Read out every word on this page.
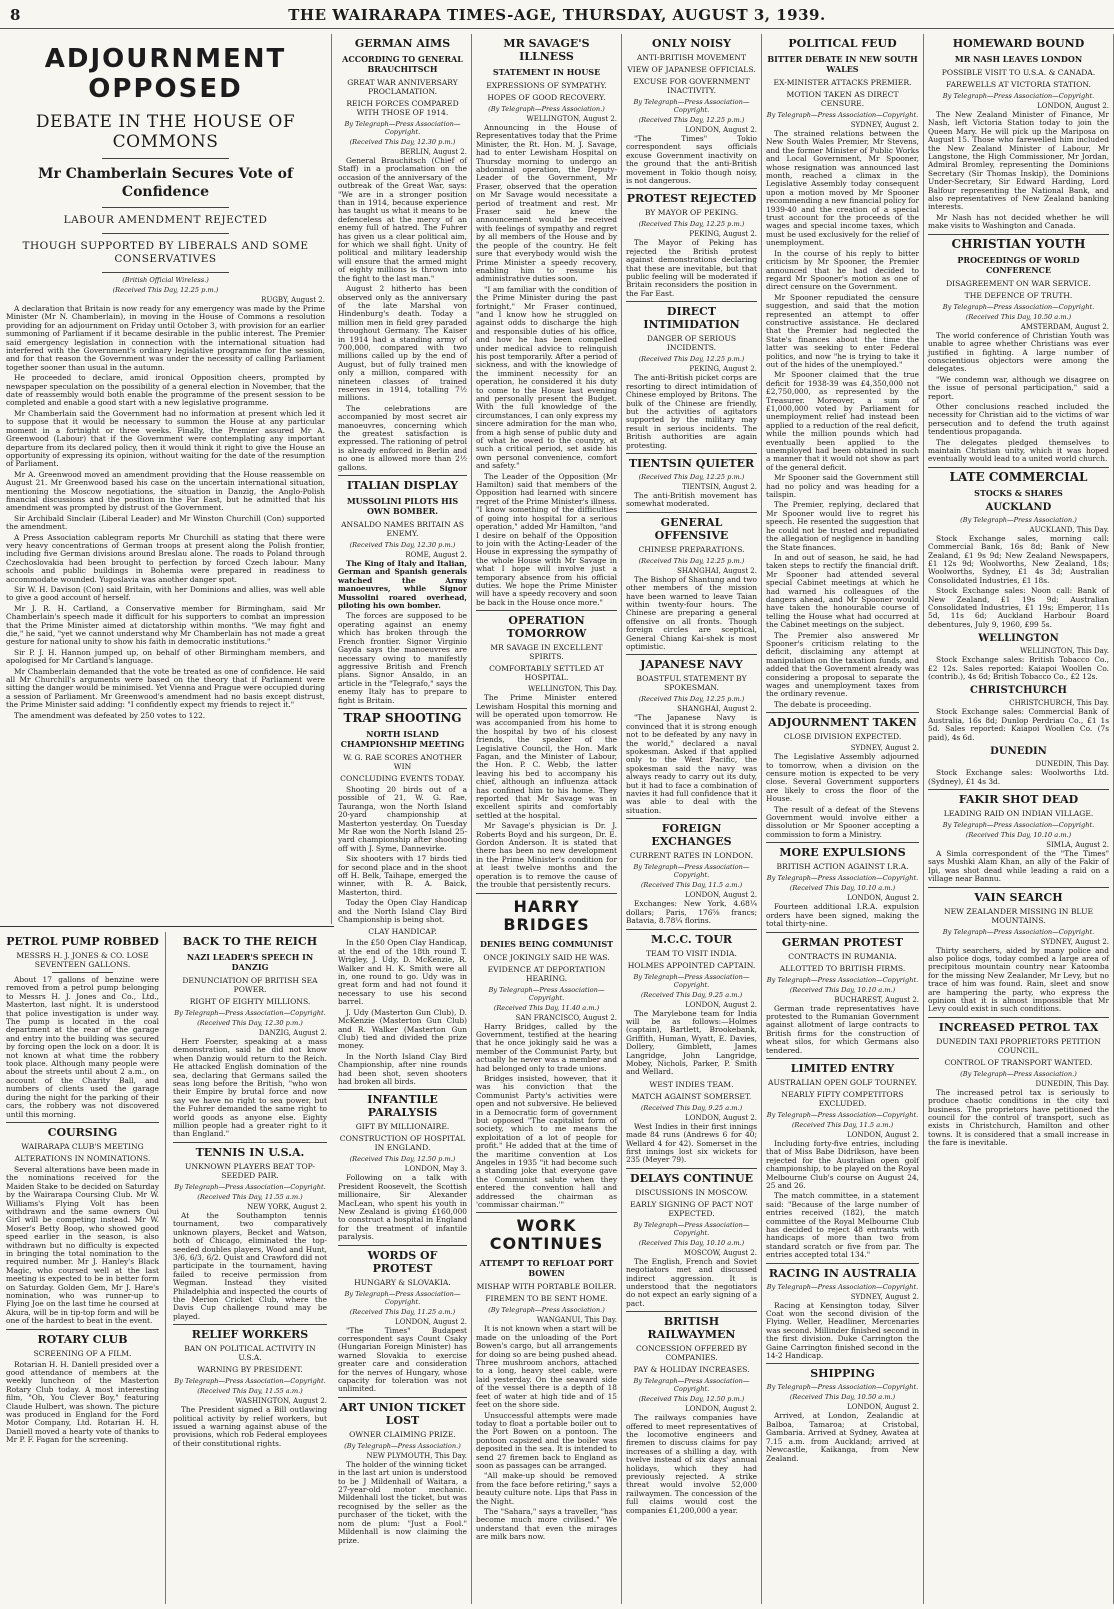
8	THE WAIRARAPA TIMES-AGE, THURSDAY, AUGUST 3, 1939.
ADJOURNMENT OPPOSED
DEBATE IN THE HOUSE OF COMMONS
Mr Chamberlain Secures Vote of Confidence
LABOUR AMENDMENT REJECTED
THOUGH SUPPORTED BY LIBERALS AND SOME CONSERVATIVES
(British Official Wireless.)
(Received This Day, 12.25 p.m.)
RUGBY, August 2.

A declaration that Britain is now ready for any emergency was made by the Prime Minister (Mr N. Chamberlain), in moving in the House of Commons a resolution providing for an adjournment on Friday until October 3, with provision for an earlier summoning of Parliament if it became desirable in the public interest. The Premier said emergency legislation in connection with the international situation had interfered with the Government's ordinary legislative programme for the session, and for that reason the Government was under the necessity of calling Parliament together sooner than usual in the autumn.

He proceeded to declare, amid ironical Opposition cheers, prompted by newspaper speculation on the possibility of a general election in November, that the date of reassembly would both enable the programme of the present session to be completed and enable a good start with a new legislative programme.

Mr Chamberlain said the Government had no information at present which led it to suppose that it would be necessary to summon the House at any particular moment in a fortnight or three weeks. Finally, the Premier assured Mr A. Greenwood (Labour) that if the Government were contemplating any important departure from its declared policy, then it would think it right to give the House an opportunity of expressing its opinion, without waiting for the date of the resumption of Parliament.

Mr A. Greenwood moved an amendment providing that the House reassemble on August 21. Mr Greenwood based his case on the uncertain international situation, mentioning the Moscow negotiations, the situation in Danzig, the Anglo-Polish financial discussions and the position in the Far East, but he admitted that his amendment was prompted by distrust of the Government.

Sir Archibald Sinclair (Liberal Leader) and Mr Winston Churchill (Con) supported the amendment.

A Press Association cablegram reports Mr Churchill as stating that there were very heavy concentrations of German troops at present along the Polish frontier, including five German divisions around Breslau alone. The roads to Poland through Czechoslovakia had been brought to perfection by forced Czech labour. Many schools and public buildings in Bohemia were prepared in readiness to accommodate wounded. Yugoslavia was another danger spot.

Sir W. H. Davison (Con) said Britain, with her Dominions and allies, was well able to give a good account of herself.

Mr J. R. H. Cartland, a Conservative member for Birmingham, said Mr Chamberlain's speech made it difficult for his supporters to combat an impression that the Prime Minister aimed at dictatorship within months. "We may fight and die," he said, "yet we cannot understand why Mr Chamberlain has not made a great gesture for national unity to show his faith in democratic institutions."

Sir P. J. H. Hannon jumped up, on behalf of other Birmingham members, and apologised for Mr Cartland's language.

Mr Chamberlain demanded that the vote be treated as one of confidence. He said all Mr Churchill's arguments were based on the theory that if Parliament were sitting the danger would be minimised. Yet Vienna and Prague were occupied during a session of Parliament. Mr Greenwood's amendment had no basis except distrust, the Prime Minister said adding: "I confidently expect my friends to reject it."

The amendment was defeated by 250 votes to 122.

PETROL PUMP ROBBED
MESSRS H. J. JONES & CO. LOSE SEVENTEEN GALLONS.

About 17 gallons of benzine were removed from a petrol pump belonging to Messrs H. J. Jones and Co., Ltd., Masterton, last night. It is understood that police investigation is under way. The pump is located in the coal department at the rear of the garage and entry into the building was secured by forcing open the lock on a door. It is not known at what time the robbery took place. Although many people were about the streets until about 2 a.m., on account of the Charity Ball, and numbers of clients used the garage during the night for the parking of their cars, the robbery was not discovered until this morning.

COURSING
WAIRARAPA CLUB'S MEETING
ALTERATIONS IN NOMINATIONS.

Several alterations have been made in the nominations received for the Maiden Stake to be decided on Saturday by the Wairarapa Coursing Club. Mr W. Williams's Flying Volt has been withdrawn and the same owners Oui Girl will be competing instead. Mr W. Moser's Betty Boop, who showed good speed earlier in the season, is also withdrawn but no difficulty is expected in bringing the total nomination to the required number. Mr J. Hanley's Black Magic, who coursed well at the last meeting is expected to be in better form on Saturday. Golden Gem, Mr J. Hare's nomination, who was runner-up to Flying Joe on the last time he coursed at Akura, will be in tip-top form and will be one of the hardest to beat in the event.

ROTARY CLUB
SCREENING OF A FILM.

Rotarian H. H. Daniell presided over a good attendance of members at the weekly luncheon of the Masterton Rotary Club today. A most interesting film, "Oh, You Clever Boy," featuring Claude Hulbert, was shown. The picture was produced in England for the Ford Motor Company, Ltd. Rotarian H. H. Daniell moved a hearty vote of thanks to Mr P. F. Fagan for the screening.

BACK TO THE REICH
NAZI LEADER'S SPEECH IN DANZIG
DENUNCIATION OF BRITISH SEA POWER.
RIGHT OF EIGHTY MILLIONS.
By Telegraph—Press Association—Copyright.
(Received This Day, 12.30 p.m.)
DANZIG, August 2.

Herr Foerster, speaking at a mass demonstration, said he did not know when Danzig would return to the Reich. He attacked English domination of the sea, declaring that Germans sailed the seas long before the British, "who won their Empire by brutal force and now say we have no right to sea power, but the Fuhrer demanded the same right to world goods as anyone else. Eighty million people had a greater right to it than England."

TENNIS IN U.S.A.
UNKNOWN PLAYERS BEAT TOP-SEEDED PAIR.
By Telegraph—Press Association—Copyright.
(Received This Day, 11.55 a.m.)
NEW YORK, August 2.

At the Southampton tennis tournament, two comparatively unknown players, Becket and Watson, both of Chicago, eliminated the top-seeded doubles players, Wood and Hunt, 3/6, 6/3, 6/2. Quist and Crawford did not participate in the tournament, having failed to receive permission from Wegman. Instead they visited Philadelphia and inspected the courts of the Merion Cricket Club, where the Davis Cup challenge round may be played.

RELIEF WORKERS
BAN ON POLITICAL ACTIVITY IN U.S.A.
WARNING BY PRESIDENT.
By Telegraph—Press Association—Copyright.
(Received This Day, 11.55 a.m.)
WASHINGTON, August 2.

The President signed a Bill outlawing political activity by relief workers, but issued a warning against abuse of the provisions, which rob Federal employees of their constitutional rights.

GERMAN AIMS
ACCORDING TO GENERAL BRAUCHITSCH
GREAT WAR ANNIVERSARY PROCLAMATION.
REICH FORCES COMPARED WITH THOSE OF 1914.
By Telegraph—Press Association—Copyright.
(Received This Day, 12.30 p.m.)
BERLIN, August 2.

General Brauchitsch (Chief of Staff) in a proclamation on the occasion of the anniversary of the outbreak of the Great War, says: "We are in a stronger position than in 1914, because experience has taught us what it means to be defenceless at the mercy of an enemy full of hatred. The Fuhrer has given us a clear political aim, for which we shall fight. Unity of political and military leadership will ensure that the armed might of eighty millions is thrown into the fight to the last man."

August 2 hitherto has been observed only as the anniversary of the late Marshal von Hindenburg's death. Today a million men in field grey paraded throughout Germany. The Kaiser in 1914 had a standing army of 700,000, compared with two millions called up by the end of August, but of fully trained men only a million, compared with nineteen classes of trained reserves in 1914, totalling 7½ millions.

The celebrations are accompanied by most secret air manoeuvres, concerning which the greatest satisfaction is expressed. The rationing of petrol is already enforced in Berlin and no one is allowed more than 2½ gallons.

ITALIAN DISPLAY
MUSSOLINI PILOTS HIS OWN BOMBER.
ANSALDO NAMES BRITAIN AS ENEMY.
(Received This Day, 12.30 p.m.)
ROME, August 2.

The King of Italy and Italian, German and Spanish generals watched the Army manoeuvres, while Signor Mussolini roared overhead, piloting his own bomber.

The forces are supposed to be operating against an enemy which has broken through the French frontier. Signor Virginio Gayda says the manoeuvres are necessary owing to manifestly aggressive British and French plans. Signor Ansaldo, in an article in the "Telegrafo," says the enemy Italy has to prepare to fight is Britain.

TRAP SHOOTING
NORTH ISLAND CHAMPIONSHIP MEETING
W. G. RAE SCORES ANOTHER WIN
CONCLUDING EVENTS TODAY.

Shooting 20 birds out of a possible of 21, W. G. Rae, Tauranga, won the North Island 20-yard championship at Masterton yesterday. On Tuesday Mr Rae won the North Island 25-yard championship after shooting off with J. Syme, Dannevirke.

Six shooters with 17 birds tied for second place and in the shoot off H. Belk, Taihape, emerged the winner, with R. A. Baick, Masterton, third.

Today the Open Clay Handicap and the North Island Clay Bird Championship is being shot.

CLAY HANDICAP.

In the £50 Open Clay Handicap, at the end of the 18th round T. Wrigley, J. Udy, D. McKenzie, R. Walker and H. K. Smith were all in, one round to go. Udy was in great form and had not found it necessary to use his second barrel.

J. Udy (Masterton Gun Club), D. McKenzie (Masterton Gun Club) and R. Walker (Masterton Gun Club) tied and divided the prize money.

In the North Island Clay Bird Championship, after nine rounds had been shot, seven shooters had broken all birds.

INFANTILE PARALYSIS
GIFT BY MILLIONAIRE.
CONSTRUCTION OF HOSPITAL IN ENGLAND.
(Received This Day, 12.50 p.m.)
LONDON, May 3.

Following on a talk with President Roosevelt, the Scottish millionaire, Sir Alexander MacLean, who spent his youth in New Zealand is giving £160,000 to construct a hospital in England for the treatment of infantile paralysis.

WORDS OF PROTEST
HUNGARY & SLOVAKIA.
By Telegraph—Press Association—Copyright.
(Received This Day, 11.25 a.m.)
LONDON, August 2.

"The Times" Budapest correspondent says Count Csaky (Hungarian Foreign Minister) has warned Slovakia to exercise greater care and consideration for the nerves of Hungary, whose capacity for toleration was not unlimited.

ART UNION TICKET LOST
OWNER CLAIMING PRIZE.
(By Telegraph—Press Association.)
NEW PLYMOUTH, This Day.

The holder of the winning ticket in the last art union is understood to be J Mildenhall of Waitara, a 27-year-old motor mechanic. Mildenhall lost the ticket, but was recognised by the seller as the purchaser of the ticket, with the nom de plum: "Just a Fool." Mildenhall is now claiming the prize.

MR SAVAGE'S ILLNESS
STATEMENT IN HOUSE
EXPRESSIONS OF SYMPATHY.
HOPES OF GOOD RECOVERY.
(By Telegraph—Press Association.)
WELLINGTON, August 2.

Announcing in the House of Representatives today that the Prime Minister, the Rt. Hon. M. J. Savage, had to enter Lewisham Hospital on Thursday morning to undergo an abdominal operation, the Deputy-Leader of the Government, Mr Fraser, observed that the operation on Mr Savage would necessitate a period of treatment and rest. Mr Fraser said he knew the announcement would be received with feelings of sympathy and regret by all members of the House and by the people of the country. He felt sure that everybody would wish the Prime Minister a speedy recovery, enabling him to resume his administrative duties soon.

"I am familiar with the condition of the Prime Minister during the past fortnight," Mr Fraser continued, "and I know how he struggled on against odds to discharge the high and responsible duties of his office, and how he has been compelled under medical advice to relinquish his post temporarily. After a period of sickness, and with the knowledge of the imminent necessity for an operation, he considered it his duty to come to the House last evening and personally present the Budget. With the full knowledge of the circumstances, I can only express my sincere admiration for the man who, from a high sense of public duty and of what he owed to the country, at such a critical period, set aside his own personal convenience, comfort and safety."

The Leader of the Opposition (Mr Hamilton) said that members of the Opposition had learned with sincere regret of the Prime Minister's illness. "I know something of the difficulties of going into hospital for a serious operation," added Mr Hamilton, "and I desire on behalf of the Opposition to join with the Acting-Leader of the House in expressing the sympathy of the whole House with Mr Savage in what I hope will involve just a temporary absence from his official duties. We hope the Prime Minister will have a speedy recovery and soon be back in the House once more."

OPERATION TOMORROW
MR SAVAGE IN EXCELLENT SPIRITS.
COMFORTABLY SETTLED AT HOSPITAL.
WELLINGTON, This Day.

The Prime Minister entered Lewisham Hospital this morning and will be operated upon tomorrow. He was accompanied from his home to the hospital by two of his closest friends, the speaker of the Legislative Council, the Hon. Mark Fagan, and the Minister of Labour, the Hon. P. C. Webb, the latter leaving his bed to accompany his chief, although an influenza attack has confined him to his home. They reported that Mr Savage was in excellent spirits and comfortably settled at the hospital.

Mr Savage's physician is Dr. J. Roberts Boyd and his surgeon, Dr. E. Gordon Anderson. It is stated that there has been no new development in the Prime Minister's condition for at least twelve months and the operation is to remove the cause of the trouble that persistently recurs.

HARRY BRIDGES
DENIES BEING COMMUNIST
ONCE JOKINGLY SAID HE WAS.
EVIDENCE AT DEPORTATION HEARING.
By Telegraph—Press Association—Copyright.
(Received This Day, 11.40 a.m.)
SAN FRANCISCO, August 2.

Harry Bridges, called by the Government, testified at the hearing that he once jokingly said he was a member of the Communist Party, but actually he never was a member and had belonged only to trade unions.

Bridges insisted, however, that it was his conviction that the Communist Party's activities were open and not subversive. He believed in a Democratic form of government but opposed "The capitalist form of society, which to me means the exploitation of a lot of people for profit." He added that at the time of the maritime convention at Los Angeles in 1935 "it had become such a standing joke that everyone gave the Communist salute when they entered the convention hall and addressed the chairman as 'commissar chairman.'"

WORK CONTINUES
ATTEMPT TO REFLOAT PORT BOWEN
MISHAP WITH PORTABLE BOILER.
FIREMEN TO BE SENT HOME.
(By Telegraph—Press Association.)
WANGANUI, This Day.

It is not known when a start will be made on the unloading of the Port Bowen's cargo, but all arrangements for doing so are being pushed ahead. Three mushroom anchors, attached to a long, heavy steel cable, were laid yesterday. On the seaward side of the vessel there is a depth of 18 feet of water at high tide and of 15 feet on the shore side.

Unsuccessful attempts were made today to float a portable boiler out to the Port Bowen on a pontoon. The pontoon capsized and the boiler was deposited in the sea. It is intended to send 27 firemen back to England as soon as passages can be arranged.

"All make-up should be removed from the face before retiring," says a beauty culture note. Lips that Pass in the Night.

The "Sahara," says a traveller, "has become much more civilised." We understand that even the mirages are milk bars now.

ONLY NOISY
ANTI-BRITISH MOVEMENT
VIEW OF JAPANESE OFFICIALS.
EXCUSE FOR GOVERNMENT INACTIVITY.
By Telegraph—Press Association—Copyright.
(Received This Day, 12.25 p.m.)
LONDON, August 2.

"The Times" Tokio correspondent says officials excuse Government inactivity on the ground that the anti-British movement in Tokio though noisy, is not dangerous.

PROTEST REJECTED
BY MAYOR OF PEKING.
(Received This Day, 12.25 p.m.)
PEKING, August 2.

The Mayor of Peking has rejected the British protest against demonstrations declaring that these are inevitable, but that public feeling will be moderated if Britain reconsiders the position in the Far East.

DIRECT INTIMIDATION
DANGER OF SERIOUS INCIDENTS.
(Received This Day, 12.25 p.m.)
PEKING, August 2.

The anti-British picket corps are resorting to direct intimidation of Chinese employed by Britons. The bulk of the Chinese are friendly, but the activities of agitators supported by the military may result in serious incidents. The British authorities are again protesting.

TIENTSIN QUIETER
(Received This Day, 12.25 p.m.)
TIENTSIN, August 2.

The anti-British movement has somewhat moderated.

GENERAL OFFENSIVE
CHINESE PREPARATIONS.
(Received This Day, 12.25 p.m.)
SHANGHAI, August 2.

The Bishop of Shantung and two other members of the mission have been warned to leave Taian within twenty-four hours. The Chinese are preparing a general offensive on all fronts. Though foreign circles are sceptical, General Chiang Kai-shek is most optimistic.

JAPANESE NAVY
BOASTFUL STATEMENT BY SPOKESMAN.
(Received This Day, 12.25 p.m.)
SHANGHAI, August 2.

"The Japanese Navy is convinced that it is strong enough not to be defeated by any navy in the world," declared a naval spokesman. Asked if that applied only to the West Pacific, the spokesman said the navy was always ready to carry out its duty, but it had to face a combination of navies it had full confidence that it was able to deal with the situation.

FOREIGN EXCHANGES
CURRENT RATES IN LONDON.
By Telegraph—Press Association—Copyright.
(Received This Day, 11.5 a.m.)
LONDON, August 2.

Exchanges: New York, 4.68¼ dollars; Paris, 176⅝ francs; Batavia, 8.78¼ florins.

M.C.C. TOUR
TEAM TO VISIT INDIA.
HOLMES APPOINTED CAPTAIN.
By Telegraph—Press Association—Copyright.
(Received This Day, 9.25 a.m.)
LONDON, August 2.

The Marylebone team for India will be as follows:—Holmes (captain), Bartlett, Brookebank, Griffith, Human, Wyatt, E. Davies, Dollery, Gimblett, James Langridge, John Langridge, Mobey, Nichols, Parker, P. Smith and Wellard.

WEST INDIES TEAM.
MATCH AGAINST SOMERSET.
(Received This Day, 9.25 a.m.)
LONDON, August 2.

West Indies in their first innings made 84 runs (Andrews 6 for 40; Wellard 4 for 42). Somerset in the first innings lost six wickets for 235 (Meyer 79).

DELAYS CONTINUE
DISCUSSIONS IN MOSCOW.
EARLY SIGNING OF PACT NOT EXPECTED.
By Telegraph—Press Association—Copyright.
(Received This Day, 10.10 a.m.)
MOSCOW, August 2.

The English, French and Soviet negotiators met and discussed indirect aggression. It is understood that the negotiators do not expect an early signing of a pact.

BRITISH RAILWAYMEN
CONCESSION OFFERED BY COMPANIES.
PAY & HOLIDAY INCREASES.
By Telegraph—Press Association—Copyright.
(Received This Day, 12.50 p.m.)
LONDON, August 2.

The railways companies have offered to meet representatives of the locomotive engineers and firemen to discuss claims for pay increases of a shilling a day, with twelve instead of six days' annual holidays, which they had previously rejected. A strike threat would involve 52,000 railwaymen. The concession of the full claims would cost the companies £1,200,000 a year.

POLITICAL FEUD
BITTER DEBATE IN NEW SOUTH WALES
EX-MINISTER ATTACKS PREMIER.
MOTION TAKEN AS DIRECT CENSURE.
By Telegraph—Press Association—Copyright.
SYDNEY, August 2.

The strained relations between the New South Wales Premier, Mr Stevens, and the former Minister of Public Works and Local Government, Mr Spooner, whose resignation was announced last month, reached a climax in the Legislative Assembly today consequent upon a motion moved by Mr Spooner recommending a new financial policy for 1939-40 and the creation of a special trust account for the proceeds of the wages and special income taxes, which must be used exclusively for the relief of unemployment.

In the course of his reply to bitter criticism by Mr Spooner, the Premier announced that he had decided to regard Mr Spooner's motion as one of direct censure on the Government.

Mr Spooner repudiated the censure suggestion, and said that the motion represented an attempt to offer constructive assistance. He declared that the Premier had neglected the State's finances about the time the latter was seeking to enter Federal politics, and now "he is trying to take it out of the hides of the unemployed."

Mr Spooner claimed that the true deficit for 1938-39 was £4,350,000 not £2,750,000, as represented by the Treasurer. Moreover, a sum of £1,000,000 voted by Parliament for unemployment relief had instead been applied to a reduction of the real deficit, while the million pounds which had eventually been applied to the unemployed had been obtained in such a manner that it would not show as part of the general deficit.

Mr Spooner said the Government still had no policy and was heading for a tailspin.

The Premier, replying, declared that Mr Spooner would live to regret his speech. He resented the suggestion that he could not be trusted and repudiated the allegation of negligence in handling the State finances.

In and out of season, he said, he had taken steps to rectify the financial drift. Mr Spooner had attended several special Cabinet meetings at which he had warned his colleagues of the dangers ahead, and Mr Spooner would have taken the honourable course of telling the House what had occurred at the Cabinet meetings on the subject.

The Premier also answered Mr Spooner's criticism relating to the deficit, disclaiming any attempt at manipulation on the taxation funds, and added that the Government already was considering a proposal to separate the wages and unemployment taxes from the ordinary revenue.

The debate is proceeding.

ADJOURNMENT TAKEN
CLOSE DIVISION EXPECTED.
SYDNEY, August 2.

The Legislative Assembly adjourned to tomorrow, when a division on the censure motion is expected to be very close. Several Government supporters are likely to cross the floor of the House.

The result of a defeat of the Stevens Government would involve either a dissolution or Mr Spooner accepting a commission to form a Ministry.

MORE EXPULSIONS
BRITISH ACTION AGAINST I.R.A.
By Telegraph—Press Association—Copyright.
(Received This Day, 10.10 a.m.)
LONDON, August 2.

Fourteen additional I.R.A. expulsion orders have been signed, making the total thirty-nine.

GERMAN PROTEST
CONTRACTS IN RUMANIA.
ALLOTTED TO BRITISH FIRMS.
By Telegraph—Press Association—Copyright.
(Received This Day, 10.10 a.m.)
BUCHAREST, August 2.

German trade representatives have protested to the Rumanian Government against allotment of large contracts to British firms for the construction of wheat silos, for which Germans also tendered.

LIMITED ENTRY
AUSTRALIAN OPEN GOLF TOURNEY.
NEARLY FIFTY COMPETITORS EXCLUDED.
By Telegraph—Press Association—Copyright.
(Received This Day, 11.5 a.m.)
LONDON, August 2.

Including forty-five entries, including that of Miss Babe Didrikson, have been rejected for the Australian open golf championship, to be played on the Royal Melbourne Club's course on August 24, 25 and 26.

The match committee, in a statement said: "Because of the large number of entries received (182), the match committee of the Royal Melbourne Club has decided to reject 48 entrants with handicaps of more than two from standard scratch or five from par. The entries accepted total 134."

RACING IN AUSTRALIA
By Telegraph—Press Association—Copyright.
SYDNEY, August 2.

Racing at Kensington today, Silver Coat won the second division of the Flying. Weller, Headliner, Mercenaries was second. Millinder finished second in the first division. Duke Carrington the Gaine Carrington finished second in the 14-2 Handicap.

SHIPPING
By Telegraph—Press Association—Copyright.
(Received This Day, 10.50 a.m.)
LONDON, August 2.

Arrived, at London, Zealandic at Balboa, Tamaroa; at Cristobal, Gambaria. Arrived at Sydney, Awatea at 7.15 a.m. from Auckland; arrived at Newcastle, Kaikanga, from New Zealand.

HOMEWARD BOUND
MR NASH LEAVES LONDON
POSSIBLE VISIT TO U.S.A. & CANADA.
FAREWELLS AT VICTORIA STATION.
By Telegraph—Press Association—Copyright.
LONDON, August 2.

The New Zealand Minister of Finance, Mr Nash, left Victoria Station today to join the Queen Mary. He will pick up the Mariposa on August 15. Those who farewelled him included the New Zealand Minister of Labour, Mr Langstone, the High Commissioner, Mr Jordan, Admiral Bromley, representing the Dominions Secretary (Sir Thomas Inskip), the Dominions Under-Secretary, Sir Edward Harding, Lord Balfour representing the National Bank, and also representatives of New Zealand banking interests.

Mr Nash has not decided whether he will make visits to Washington and Canada.

CHRISTIAN YOUTH
PROCEEDINGS OF WORLD CONFERENCE
DISAGREEMENT ON WAR SERVICE.
THE DEFENCE OF TRUTH.
By Telegraph—Press Association—Copyright.
(Received This Day, 10.50 a.m.)
AMSTERDAM, August 2.

The world conference of Christian Youth was unable to agree whether Christians was ever justified in fighting. A large number of conscientious objectors were among the delegates.

"We condemn war, although we disagree on the issue of personal participation," said a report.

Other conclusions reached included the necessity for Christian aid to the victims of war persecution and to defend the truth against tendentious propaganda.

The delegates pledged themselves to maintain Christian unity, which it was hoped eventually would lead to a united world church.

LATE COMMERCIAL
STOCKS & SHARES
AUCKLAND
(By Telegraph—Press Association.)
AUCKLAND, This Day.

Stock Exchange sales, morning call: Commercial Bank, 16s 8d; Bank of New Zealand, £1 9s 9d; New Zealand Newspapers, £1 12s 9d; Woolworths, New Zealand, 18s; Woolworths, Sydney, £1 4s 3d; Australian Consolidated Industries, £1 18s.

Stock Exchange sales: Noon call: Bank of New Zealand, £1 19s 9d; Australian Consolidated Industries, £1 19s; Emperor, 11s 5d, 11s 6d; Auckland Harbour Board debentures, July 9, 1960, £99 5s.

WELLINGTON
WELLINGTON, This Day.

Stock Exchange sales: British Tobacco Co., £2 12s. Sales reported: Kaiapoi Woollen Co. (contrib.), 4s 6d; British Tobacco Co., £2 12s.

CHRISTCHURCH
CHRISTCHURCH, This Day.

Stock Exchange sales: Commercial Bank of Australia, 16s 8d; Dunlop Perdriau Co., £1 1s 5d. Sales reported: Kaiapoi Woollen Co. (7s paid), 4s 6d.

DUNEDIN
DUNEDIN, This Day.

Stock Exchange sales: Woolworths Ltd. (Sydney), £1 4s 3d.

FAKIR SHOT DEAD
LEADING RAID ON INDIAN VILLAGE.
By Telegraph—Press Association—Copyright.
(Received This Day, 10.10 a.m.)
SIMLA, August 2.

A Simla correspondent of the "The Times" says Mushki Alam Khan, an ally of the Fakir of Ipi, was shot dead while leading a raid on a village near Bannu.

VAIN SEARCH
NEW ZEALANDER MISSING IN BLUE MOUNTAINS.
By Telegraph—Press Association—Copyright.
SYDNEY, August 2.

Thirty searchers, aided by many police and also police dogs, today combed a large area of precipitous mountain country near Katoomba for the missing New Zealander, Mr Levy, but no trace of him was found. Rain, sleet and snow are hampering the party, who express the opinion that it is almost impossible that Mr Levy could exist in such conditions.

INCREASED PETROL TAX
DUNEDIN TAXI PROPRIETORS PETITION COUNCIL.
CONTROL OF TRANSPORT WANTED.
(By Telegraph—Press Association.)
DUNEDIN, This Day.

The increased petrol tax is seriously to produce chaotic conditions in the city taxi business. The proprietors have petitioned the council for the control of transport, such as exists in Christchurch, Hamilton and other towns. It is considered that a small increase in the fare is inevitable.
